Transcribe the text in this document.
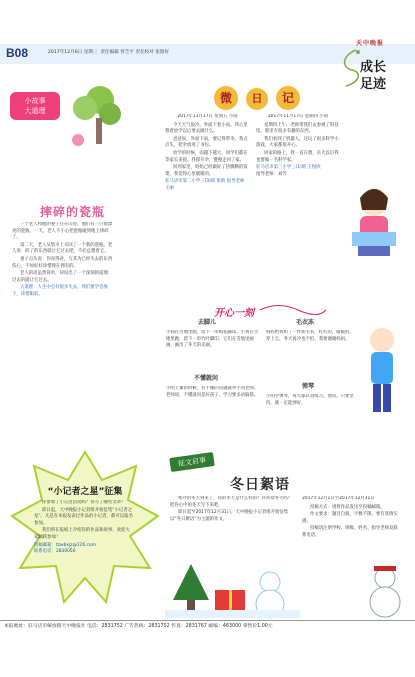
B08	2017年12月6日 星期三 责任编辑 曾芝平 责任校对 张银好
天中晚报
成长
足迹
小故事
大道理
摔碎的瓷瓶

一个老人和他的妻子住在山里，他们有一只很漂亮的瓷瓶。一天，老人不小心把瓷瓶碰到地上摔碎了。

第二天，老人从集市上买回了一个新的瓷瓶。老人说：碎了的东西就让它过去吧，不必总想着它。

妻子点头说：你说得对，与其为已经失去的东西伤心，不如好好珍惜现在拥有的。

老人的话虽然简单，却说出了一个深刻的道理：过去的就让它过去。

大道理：人生中会有很多失去，我们要学会放下，珍惜眼前。

微	日	记
2017年11月17日 星期五 小雨

今天天气很冷，外面下着小雨。我心里想着放学以后要去做什么。

爸爸说，外面下雨，要记得带伞。我点点头，把伞放进了书包。

放学的时候，雨越下越大，同学们都在等家长来接。我撑开伞，慢慢走回了家。

回到家里，妈妈已经做好了热腾腾的饭菜，我觉得心里暖暖的。

驻马店市第二小学三(3)班 张晗 指导老师 王丽
2017年11月17日 星期四 小雨

星期四上午，老师带我们去参观了科技馆。那里有很多有趣的东西。

我们看到了机器人，还玩了很多科学小游戏，大家都很开心。

回家的路上，我一直在想，长大以后我也要做一名科学家。

驻马店市第三小学三(1)班 王悦欣
指导老师：刘芳
开心一刻
去脚儿
小狗在雪地里跑，留下一串梅花脚印。小鸡在雪地里跑，留下一串竹叶脚印。它们在雪地里画画，画出了冬天的美丽。
不懂就问
小明上课的时候，有不懂的问题就举手问老师。老师说，不懂就问是好孩子，学习要多动脑筋。
毛衣冻
妈妈给我织了一件新毛衣，红红的，暖暖的。穿上它，冬天再冷也不怕。我要谢谢妈妈。
弹琴
小明学弹琴，每天都认真练习。他说，只要坚持，就一定能弹好。
“小记者之星”征集

你参加了小记者活动吗？你写了哪些文章？

即日起，天中晚报小记者组开始征集“小记者之星”。凡是在本报发表过作品的小记者，都可以报名参加。

我们将在报纸上介绍你的作品和故事，欢迎大家踊跃参加！

投稿邮箱：tzwbxjz@126.com
联系电话：2830056
征文启事
冬日絮语

寒冷的冬天到来了，你的冬天是什么样的？你喜欢冬天吗？把你心中的冬天写下来吧。

即日起至2017年12月31日，天中晚报小记者组开始征集以“冬日絮语”为主题的作文。

2017年12月1日至2017年12月31日

投稿方式：请将作品发送至投稿邮箱。

作文要求：题目自拟，字数不限，要有真情实感。

投稿请注明学校、班级、姓名、指导老师及联系电话。

本报地址：驻马店市解放路天中晚报社 电话：2831752 广告热线：2831752 传真：2831767 邮编：463000 零售价1.00元
